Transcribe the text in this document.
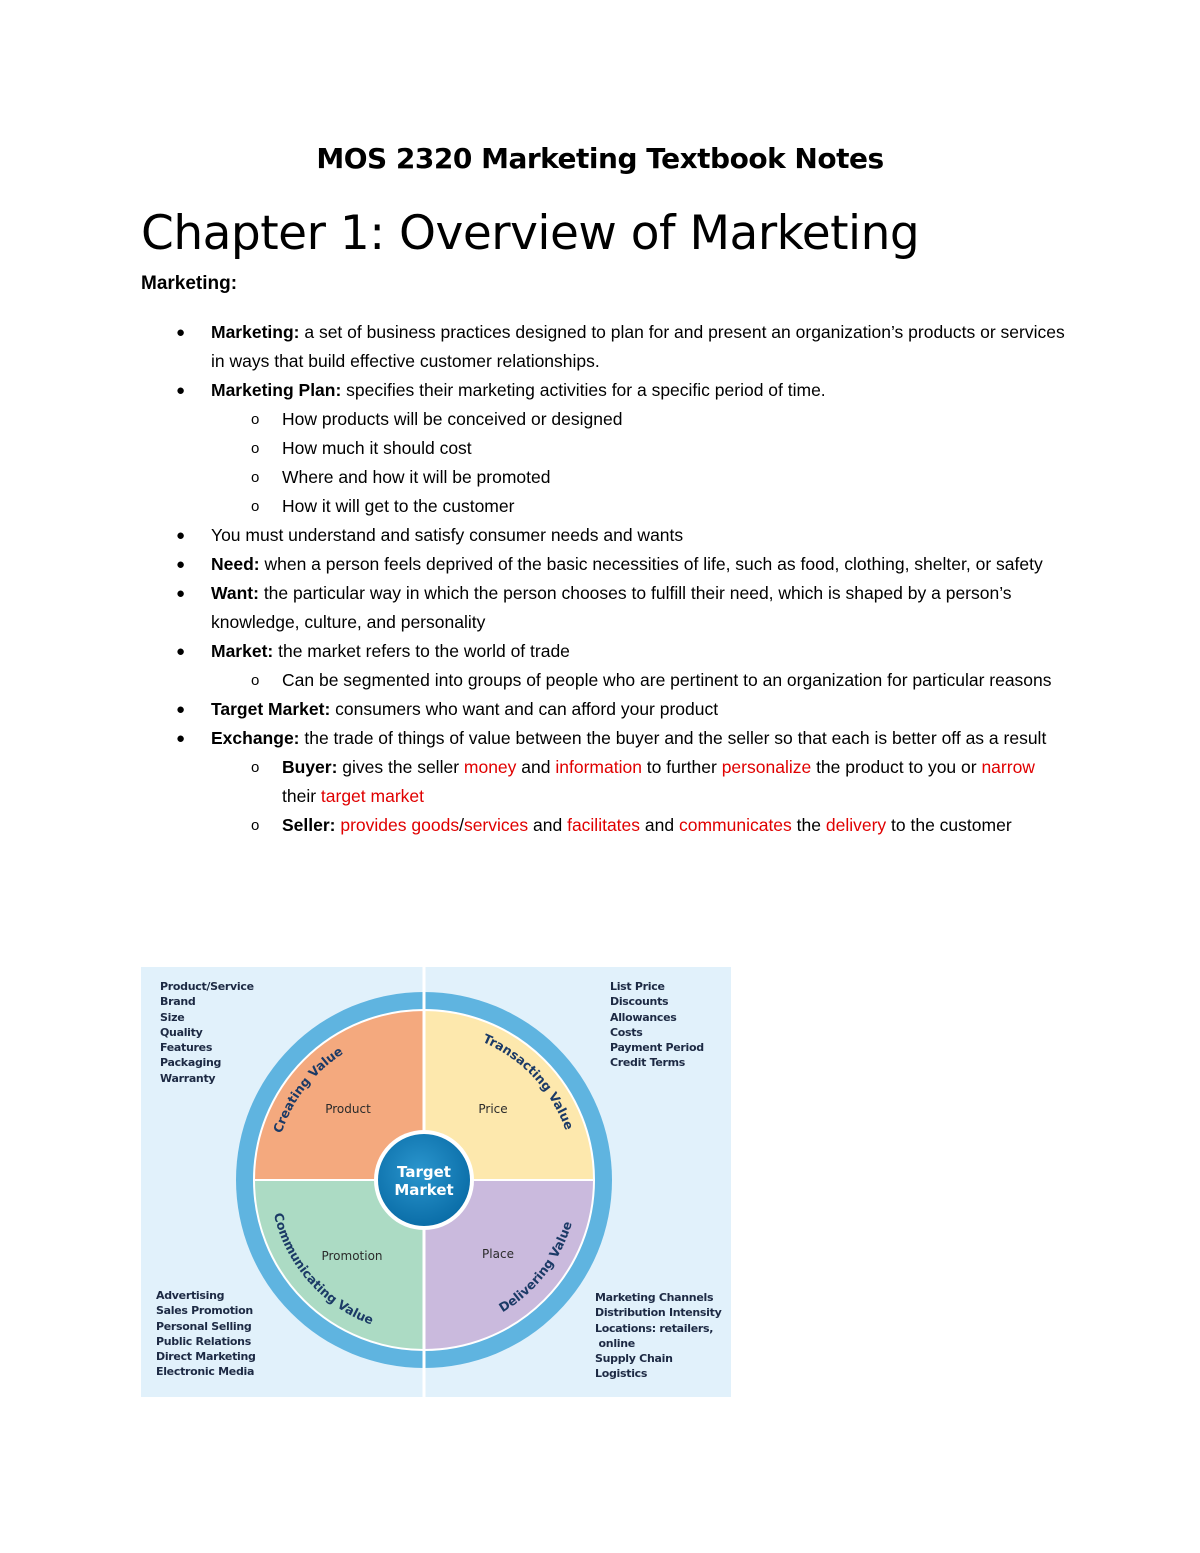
MOS 2320 Marketing Textbook Notes
Chapter 1: Overview of Marketing
Marketing:
● Marketing: a set of business practices designed to plan for and present an organization’s products or services in ways that build effective customer relationships.
● Marketing Plan: specifies their marketing activities for a specific period of time.
o How products will be conceived or designed
o How much it should cost
o Where and how it will be promoted
o How it will get to the customer
● You must understand and satisfy consumer needs and wants
● Need: when a person feels deprived of the basic necessities of life, such as food, clothing, shelter, or safety
● Want: the particular way in which the person chooses to fulfill their need, which is shaped by a person’s knowledge, culture, and personality
● Market: the market refers to the world of trade
o Can be segmented into groups of people who are pertinent to an organization for particular reasons
● Target Market: consumers who want and can afford your product
● Exchange: the trade of things of value between the buyer and the seller so that each is better off as a result
o Buyer: gives the seller money and information to further personalize the product to you or narrow their target market
o Seller: provides goods/services and facilitates and communicates the delivery to the customer
Target
Market
Product	Price
Promotion	Place
Creating Value
Transacting Value
Communicating Value
Delivering Value
Product/Service
Brand
Size
Quality
Features
Packaging
Warranty
List Price
Discounts
Allowances
Costs
Payment Period
Credit Terms
Advertising
Sales Promotion
Personal Selling
Public Relations
Direct Marketing
Electronic Media
Marketing Channels
Distribution Intensity
Locations: retailers,
online
Supply Chain
Logistics
